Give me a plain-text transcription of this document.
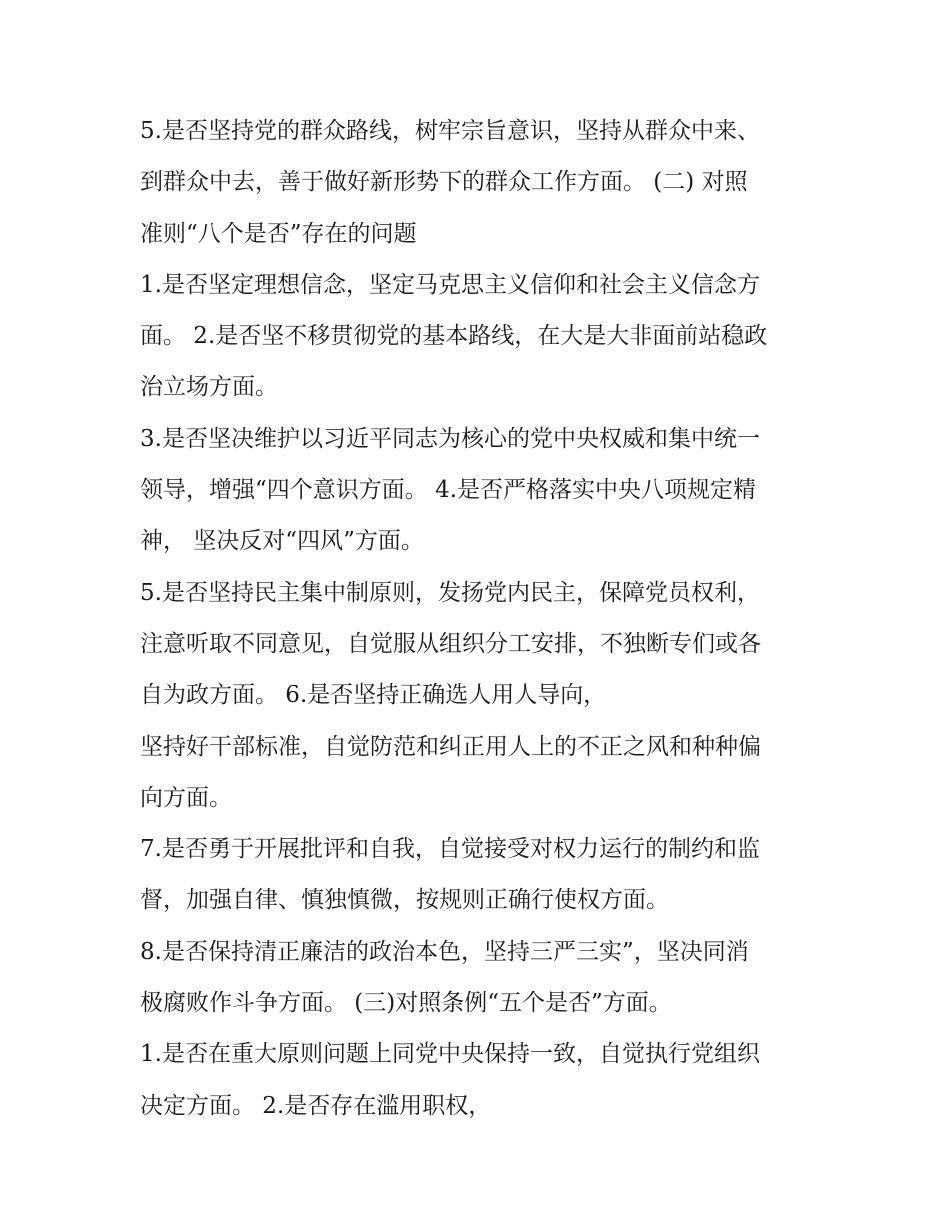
5.是否坚持党的群众路线，树牢宗旨意识，坚持从群众中来、
到群众中去，善于做好新形势下的群众工作方面。 (二) 对照
准则“八个是否”存在的问题
1.是否坚定理想信念，坚定马克思主义信仰和社会主义信念方
面。 2.是否坚不移贯彻党的基本路线，在大是大非面前站稳政
治立场方面。
3.是否坚决维护以习近平同志为核心的党中央权威和集中统一
领导，增强“四个意识方面。 4.是否严格落实中央八项规定精
神， 坚决反对“四风”方面。
5.是否坚持民主集中制原则，发扬党内民主，保障党员权利，
注意听取不同意见，自觉服从组织分工安排，不独断专们或各
自为政方面。 6.是否坚持正确选人用人导向，
坚持好干部标准，自觉防范和纠正用人上的不正之风和种种偏
向方面。
7.是否勇于开展批评和自我，自觉接受对权力运行的制约和监
督，加强自律、慎独慎微，按规则正确行使权方面。
8.是否保持清正廉洁的政治本色，坚持三严三实”，坚决同消
极腐败作斗争方面。 (三)对照条例“五个是否”方面。
1.是否在重大原则问题上同党中央保持一致，自觉执行党组织
决定方面。 2.是否存在滥用职权，
